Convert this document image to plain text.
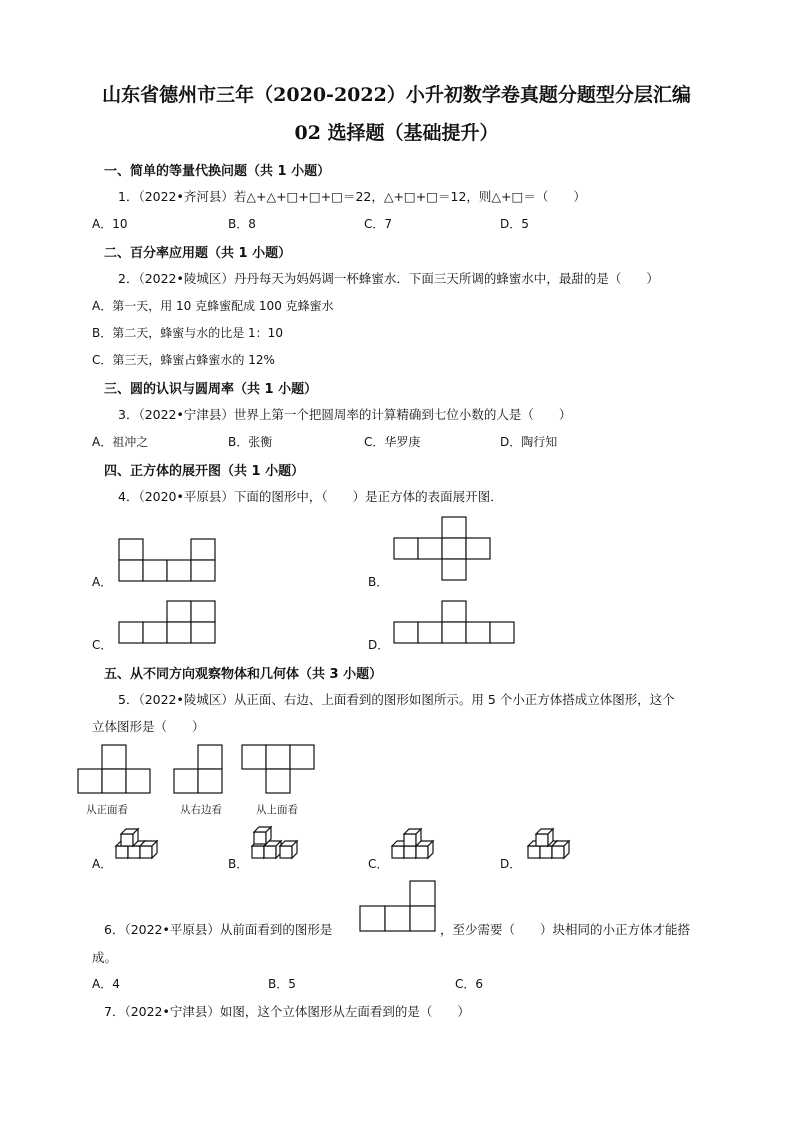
山东省德州市三年（2020-2022）小升初数学卷真题分题型分层汇编
02 选择题（基础提升）
一、简单的等量代换问题（共 1 小题）
1．（2022•齐河县）若△+△+□+□+□＝22，△+□+□＝12，则△+□＝（　　）
A．10	B．8	C．7	D．5
二、百分率应用题（共 1 小题）
2．（2022•陵城区）丹丹每天为妈妈调一杯蜂蜜水．下面三天所调的蜂蜜水中，最甜的是（　　）
A．第一天，用 10 克蜂蜜配成 100 克蜂蜜水
B．第二天，蜂蜜与水的比是 1：10
C．第三天，蜂蜜占蜂蜜水的 12%
三、圆的认识与圆周率（共 1 小题）
3．（2022•宁津县）世界上第一个把圆周率的计算精确到七位小数的人是（　　）
A．祖冲之	B．张衡	C．华罗庚	D．陶行知
四、正方体的展开图（共 1 小题）
4．（2020•平原县）下面的图形中，（　　）是正方体的表面展开图．
A．	B．
C．	D．
五、从不同方向观察物体和几何体（共 3 小题）
5．（2022•陵城区）从正面、右边、上面看到的图形如图所示。用 5 个小正方体搭成立体图形，这个
立体图形是（　　）
从正面看	从右边看	从上面看
A．	B．	C．	D．
6．（2022•平原县）从前面看到的图形是	，至少需要（　　）块相同的小正方体才能搭
成。
A．4	B．5	C．6
7．（2022•宁津县）如图，这个立体图形从左面看到的是（　　）
